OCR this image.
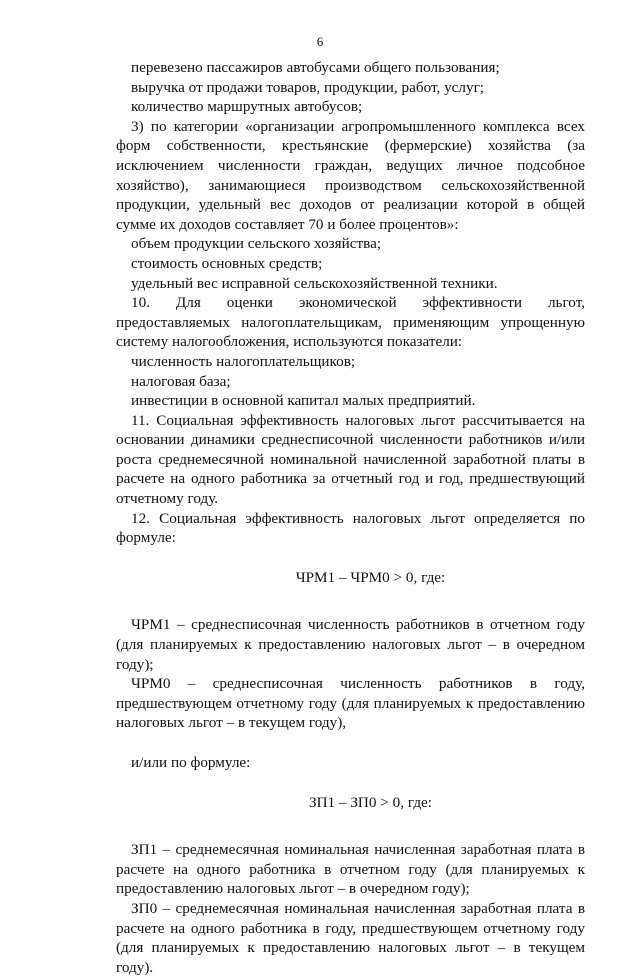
6

перевезено пассажиров автобусами общего пользования;

выручка от продажи товаров, продукции, работ, услуг;

количество маршрутных автобусов;

3) по категории «организации агропромышленного комплекса всех форм собственности, крестьянские (фермерские) хозяйства (за исключением численности граждан, ведущих личное подсобное хозяйство), занимающиеся производством сельскохозяйственной продукции, удельный вес доходов от реализации которой в общей сумме их доходов составляет 70 и более процентов»:

объем продукции сельского хозяйства;

стоимость основных средств;

удельный вес исправной сельскохозяйственной техники.

10. Для оценки экономической эффективности льгот, предоставляемых налогоплательщикам, применяющим упрощенную систему налогообложения, используются показатели:

численность налогоплательщиков;

налоговая база;

инвестиции в основной капитал малых предприятий.

11. Социальная эффективность налоговых льгот рассчитывается на основании динамики среднесписочной численности работников и/или роста среднемесячной номинальной начисленной заработной платы в расчете на одного работника за отчетный год и год, предшествующий отчетному году.

12. Социальная эффективность налоговых льгот определяется по формуле:

ЧРМ1 – ЧРМ0 > 0, где:

ЧРМ1 – среднесписочная численность работников в отчетном году (для планируемых к предоставлению налоговых льгот – в очередном году);

ЧРМ0 – среднесписочная численность работников в году, предшествующем отчетному году (для планируемых к предоставлению налоговых льгот – в текущем году),

и/или по формуле:

ЗП1 – ЗП0 > 0, где:

ЗП1 – среднемесячная номинальная начисленная заработная плата в расчете на одного работника в отчетном году (для планируемых к предоставлению налоговых льгот – в очередном году);

ЗП0 – среднемесячная номинальная начисленная заработная плата в расчете на одного работника в году, предшествующем отчетному году (для планируемых к предоставлению налоговых льгот – в текущем году).
